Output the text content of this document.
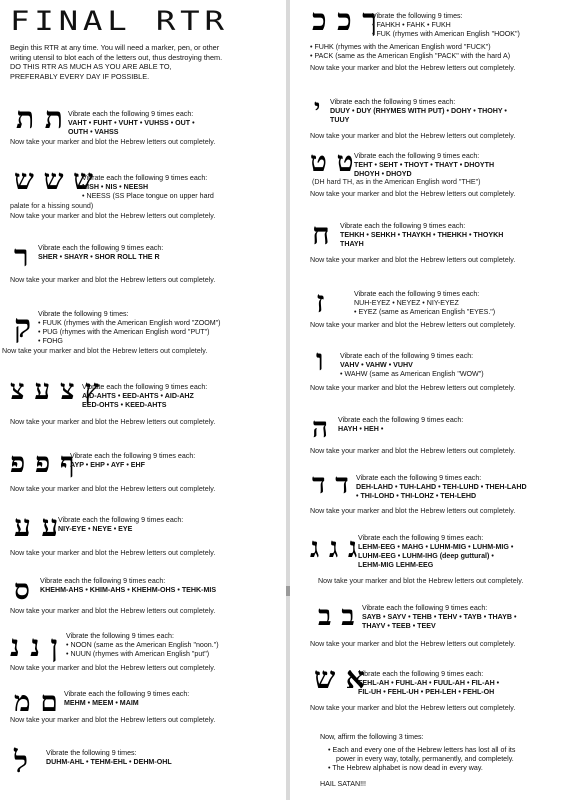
FINAL RTR
Begin this RTR at any time. You will need a marker, pen, or other
writing utensil to blot each of the letters out, thus destroying them.
DO THIS RTR AS MUCH AS YOU ARE ABLE TO,
PREFERABLY EVERY DAY IF POSSIBLE.
ת ת Vibrate each the following 9 times each:
VAHT • FUHT • VUHT • VUHSS • OUT •
OUTH • VAHSS
Now take your marker and blot the Hebrew letters out completely.
ש ש ש
Vibrate each the following 9 times each:
NISH • NIS • NEESH
• NEESS (SS Place tongue on upper hard
palate for a hissing sound)
Now take your marker and blot the Hebrew letters out completely.
ר Vibrate each the following 9 times each:
SHER • SHAYR • SHOR ROLL THE R
Now take your marker and blot the Hebrew letters out completely.
ק Vibrate the following 9 times:
• FUUK (rhymes with the American English word "ZOOM")
• PUG (rhymes with the American English word "PUT")
• FOHG
Now take your marker and blot the Hebrew letters out completely.
ץ צ ע צ
Vibrate each the following 9 times each:
AID-AHTS • EED-AHTS • AID-AHZ
EED-OHTS • KEED-AHTS
Now take your marker and blot the Hebrew letters out completely.
ף פ פ
Vibrate each the following 9 times each:
AYP • EHP • AYF • EHF
Now take your marker and blot the Hebrew letters out completely.
ע ע Vibrate each the following 9 times each:
NIY-EYE • NEYE • EYE
Now take your marker and blot the Hebrew letters out completely.
ס Vibrate each the following 9 times each:
KHEHM-AHS • KHIM-AHS • KHEHM-OHS • TEHK-MIS
Now take your marker and blot the Hebrew letters out completely.
ן נ נ Vibrate the following 9 times each:
• NOON (same as the American English "noon.")
• NUUN (rhymes with American English "put")
Now take your marker and blot the Hebrew letters out completely.
ם מ Vibrate each the following 9 times each:
MEHM • MEEM • MAIM
Now take your marker and blot the Hebrew letters out completely.
ל	Vibrate the following 9 times:
DUHM-AHL • TEHM-EHL • DEHM-OHL
ך כ כ
Vibrate the following 9 times:
• FAHKH • FAHK • FUKH
• FUK (rhymes with American English "HOOK")
• FUHK (rhymes with the American English word "FUCK")
• PACK (same as the American English "PACK" with the hard A)
Now take your marker and blot the Hebrew letters out completely.
י Vibrate each the following 9 times each:
DUUY • DUY (RHYMES WITH PUT) • DOHY • THOHY •
TUUY
Now take your marker and blot the Hebrew letters out completely.
ט ט Vibrate each the following 9 times each:
TEHT • SEHT • THOYT • THAYT • DHOYTH
DHOYH • DHOYD
(DH hard TH, as in the American English word "THE")
Now take your marker and blot the Hebrew letters out completely.
ח Vibrate each the following 9 times each:
TEHKH • SEHKH • THAYKH • THEHKH • THOYKH
THAYH
Now take your marker and blot the Hebrew letters out completely.
ז	Vibrate each the following 9 times each:
NUH-EYEZ • NEYEZ • NIY-EYEZ
• EYEZ (same as American English "EYES.")
Now take your marker and blot the Hebrew letters out completely.
ו Vibrate each of the following 9 times each:
VAHV • VAHW • VUHV
• WAHW (same as American English "WOW")
Now take your marker and blot the Hebrew letters out completely.
ה Vibrate each the following 9 times each:
HAYH • HEH •
Now take your marker and blot the Hebrew letters out completely.
ד ד Vibrate each the following 9 times each:
DEH-LAHD • TUH-LAHD • TEH-LUHD • THEH-LAHD
• THI-LOHD • THI-LOHZ • TEH-LEHD
Now take your marker and blot the Hebrew letters out completely.
ג ג ג Vibrate each the following 9 times each:
LEHM-EEG • MAHG • LUHM-MIG • LUHM-MIG •
LUHM-EEG • LUHM-IHG (deep guttural) •
LEHM-MIG LEHM-EEG
Now take your marker and blot the Hebrew letters out completely.
ב ב Vibrate each the following 9 times each:
SAYB • SAYV • TEHB • TEHV • TAYB • THAYB •
THAYV • TEEB • TEEV
Now take your marker and blot the Hebrew letters out completely.
א ש
Vibrate each the following 9 times each:
FEHL-AH • FUHL-AH • FUUL-AH • FIL-AH •
FIL-UH • FEHL-UH • PEH-LEH • FEHL-OH
Now take your marker and blot the Hebrew letters out completely.
Now, affirm the following 3 times:
• Each and every one of the Hebrew letters has lost all of its
power in every way, totally, permanently, and completely.
• The Hebrew alphabet is now dead in every way.
HAIL SATAN!!!
